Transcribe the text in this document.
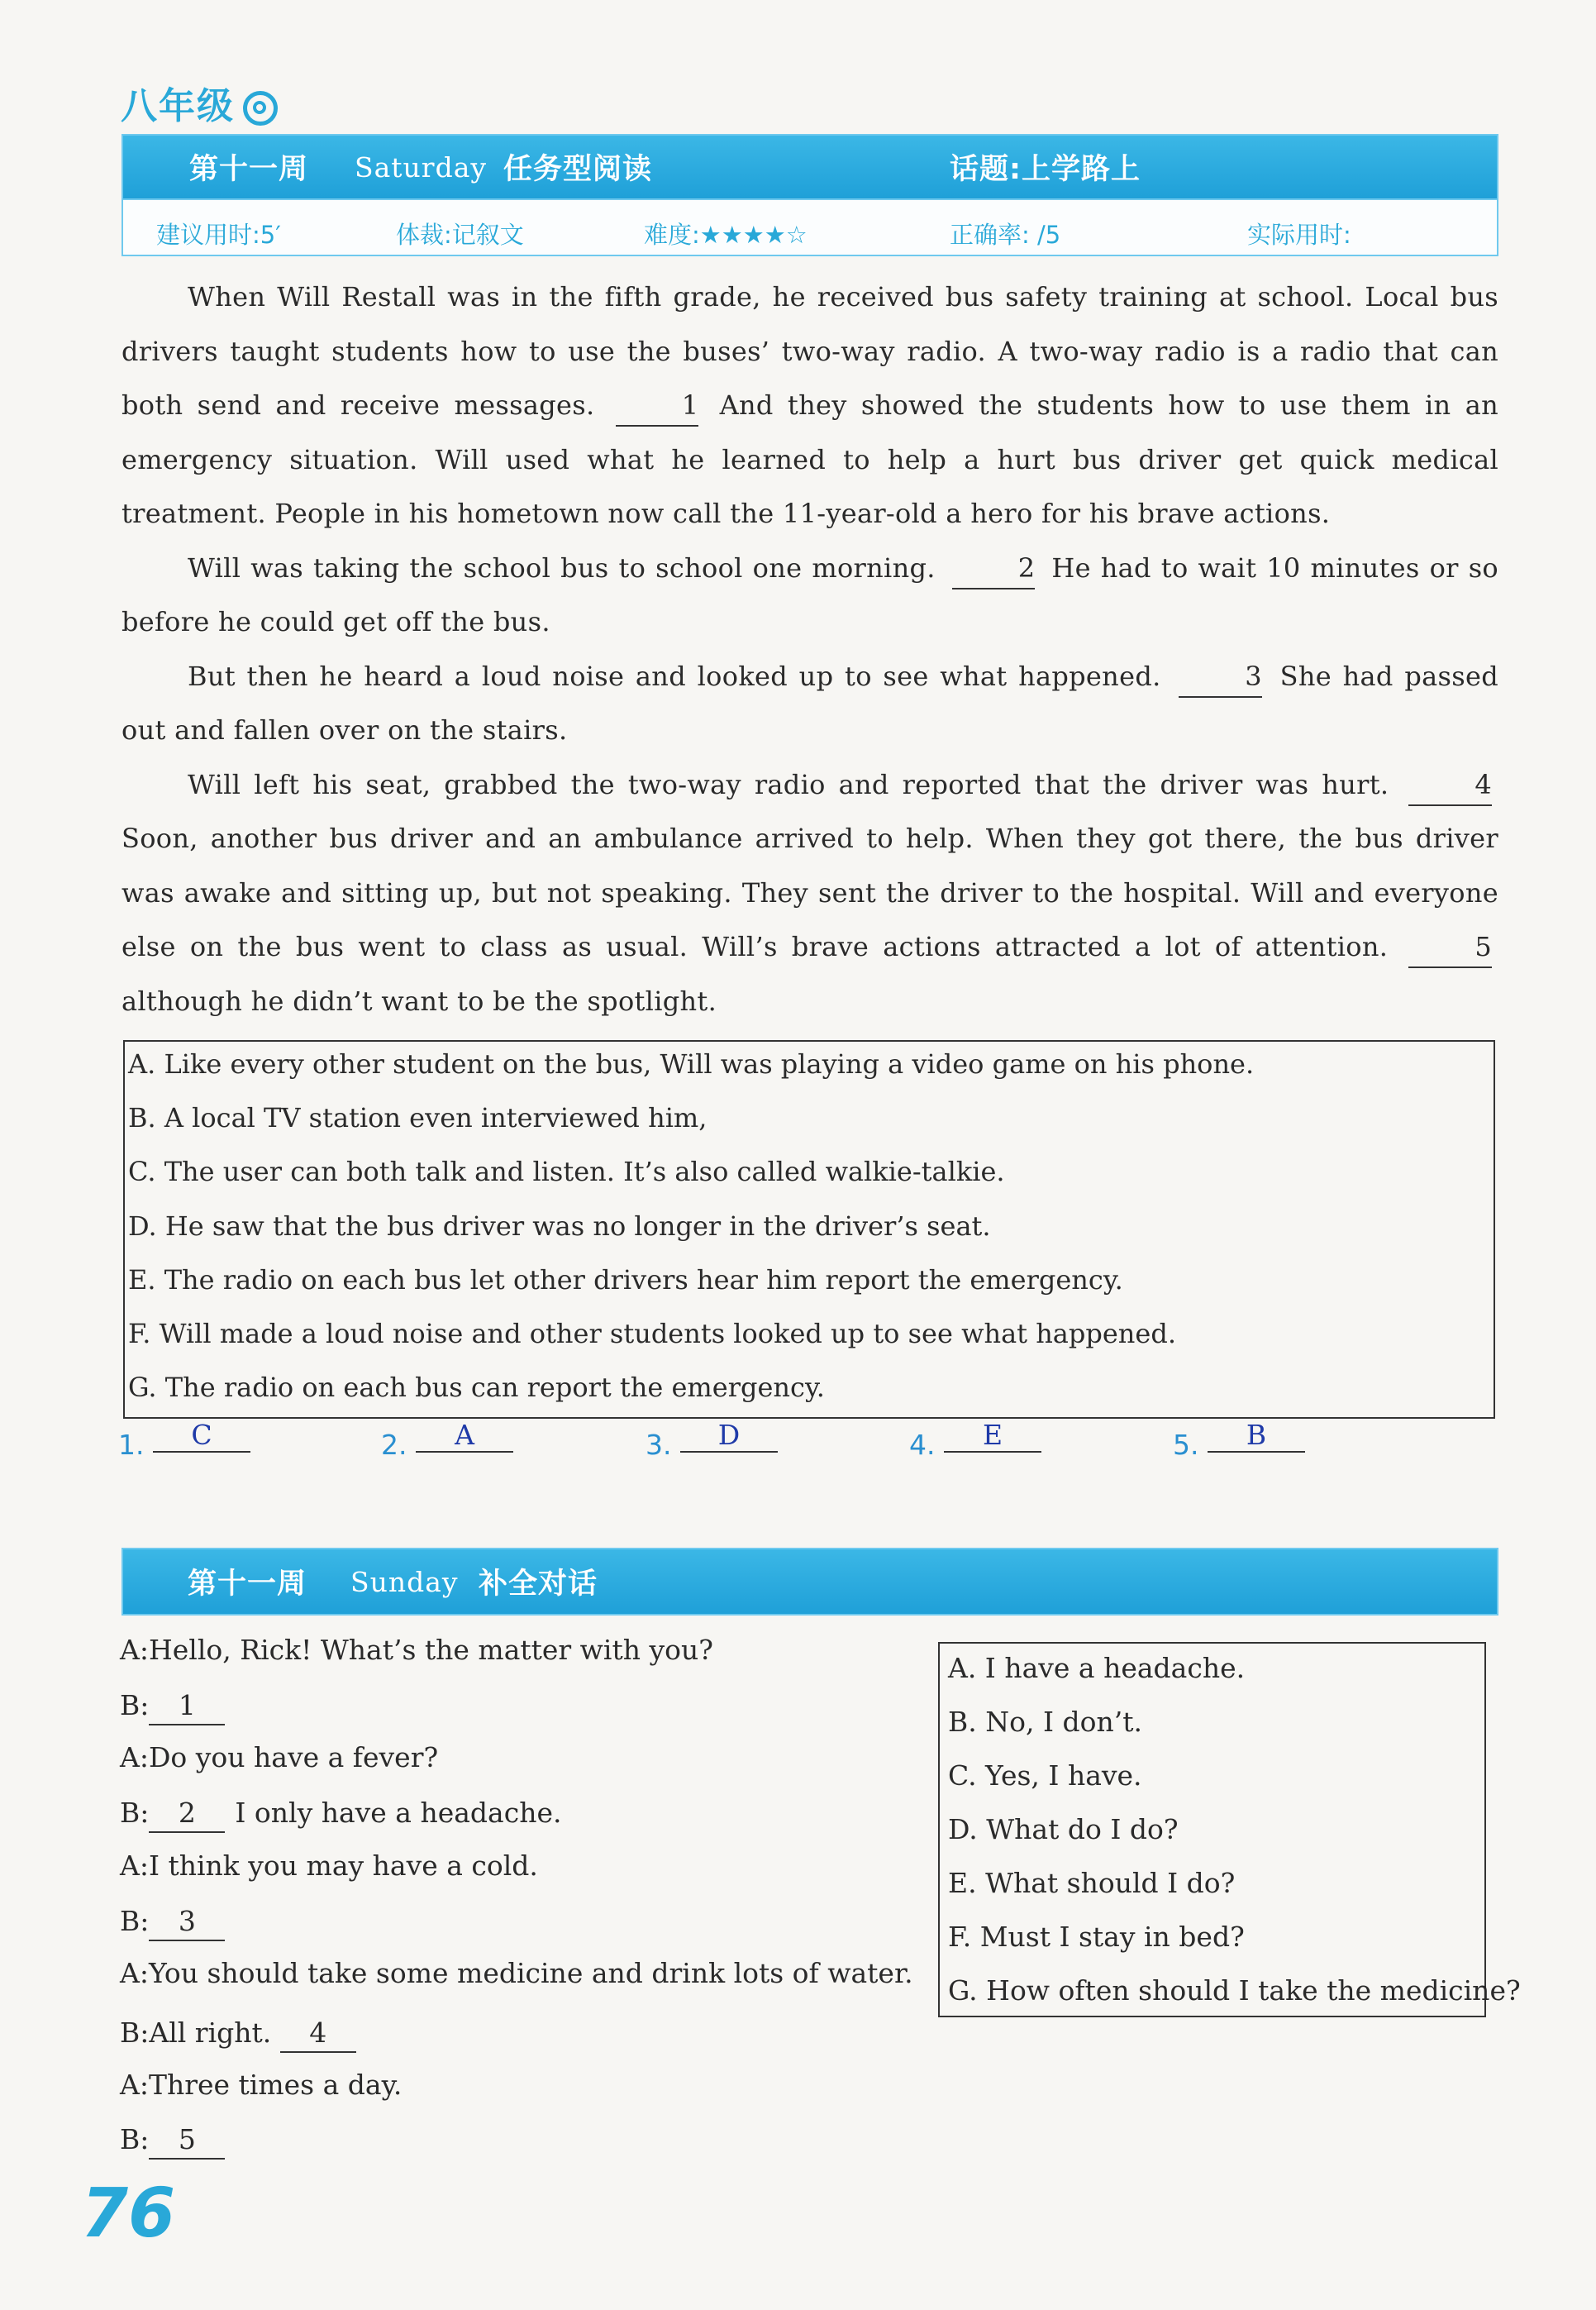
八年级
第十一周 Saturday 任务型阅读	话题:上学路上
建议用时:5′	体裁:记叙文	难度:★★★★☆	正确率: /5	实际用时:

When Will Restall was in the fifth grade, he received bus safety training at school. Local bus drivers taught students how to use the buses’ two-way radio. A two-way radio is a radio that can both send and receive messages.	1 And they showed the students how to use them in an emergency situation. Will used what he learned to help a hurt bus driver get quick medical treatment. People in his hometown now call the 11-year-old a hero for his brave actions.

Will was taking the school bus to school one morning.	2 He had to wait 10 minutes or so before he could get off the bus.

But then he heard a loud noise and looked up to see what happened.	3 She had passed out and fallen over on the stairs.

Will left his seat, grabbed the two-way radio and reported that the driver was hurt.	4 Soon, another bus driver and an ambulance arrived to help. When they got there, the bus driver was awake and sitting up, but not speaking. They sent the driver to the hospital. Will and everyone else on the bus went to class as usual. Will’s brave actions attracted a lot of attention.	5 although he didn’t want to be the spotlight.

A. Like every other student on the bus, Will was playing a video game on his phone.
B. A local TV station even interviewed him,
C. The user can both talk and listen. It’s also called walkie-talkie.
D. He saw that the bus driver was no longer in the driver’s seat.
E. The radio on each bus let other drivers hear him report the emergency.
F. Will made a loud noise and other students looked up to see what happened.
G. The radio on each bus can report the emergency.
1. C	2. A	3. D	4. E	5. B
第十一周 Sunday 补全对话
A:Hello, Rick! What’s the matter with you?
B: 1
A:Do you have a fever?
B: 2 I only have a headache.
A:I think you may have a cold.
B: 3
A:You should take some medicine and drink lots of water.
B:All right. 4
A:Three times a day.
B: 5
A. I have a headache.
B. No, I don’t.
C. Yes, I have.
D. What do I do?
E. What should I do?
F. Must I stay in bed?
G. How often should I take the medicine?
76
